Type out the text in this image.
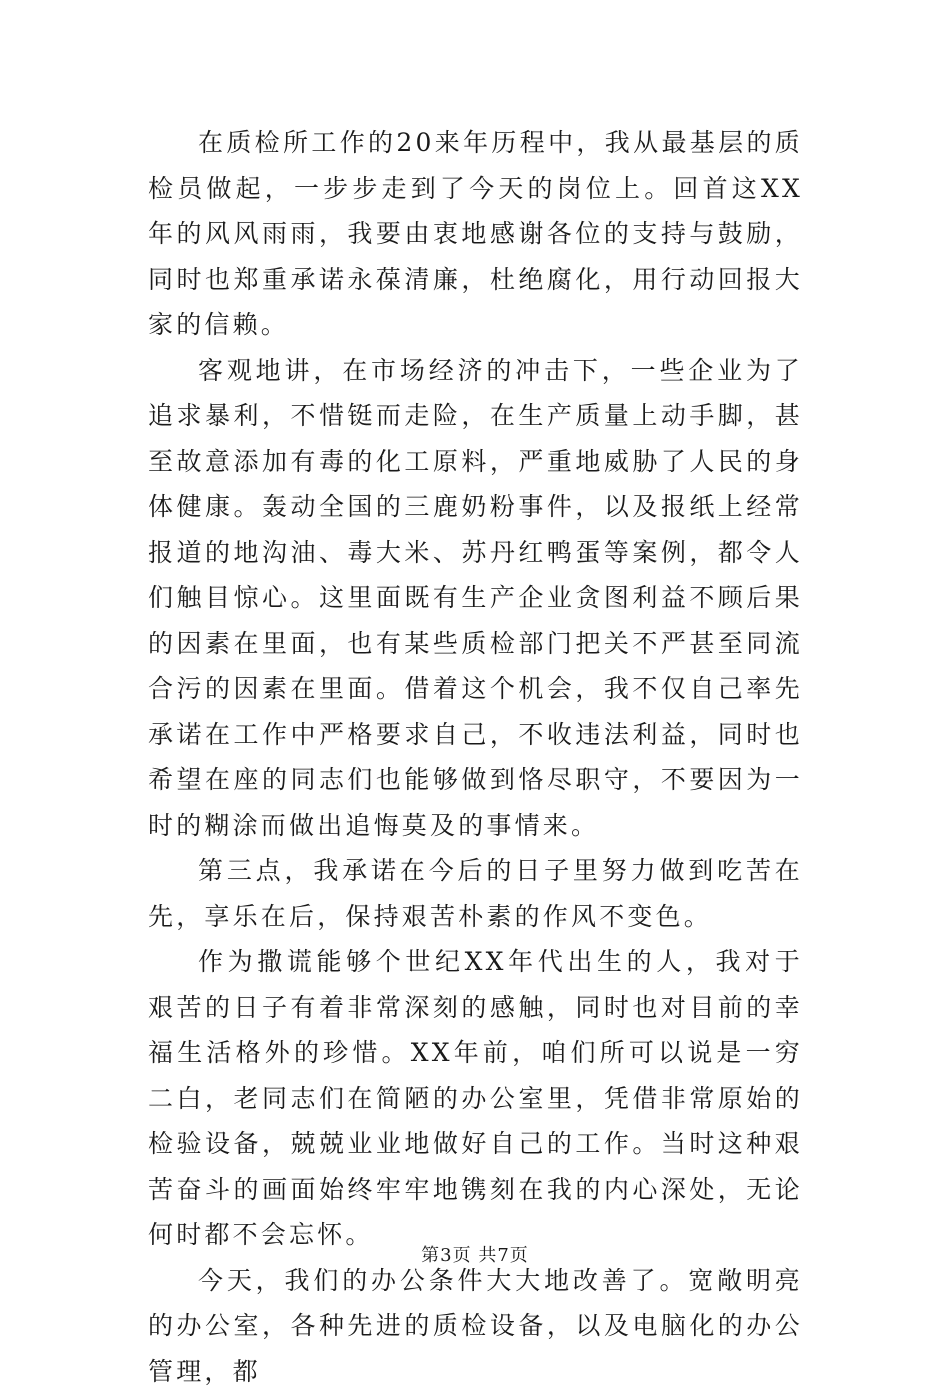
在质检所工作的20来年历程中，我从最基层的质检员做起，一步步走到了今天的岗位上。回首这XX年的风风雨雨，我要由衷地感谢各位的支持与鼓励，同时也郑重承诺永葆清廉，杜绝腐化，用行动回报大家的信赖。

客观地讲，在市场经济的冲击下，一些企业为了追求暴利，不惜铤而走险，在生产质量上动手脚，甚至故意添加有毒的化工原料，严重地威胁了人民的身体健康。轰动全国的三鹿奶粉事件，以及报纸上经常报道的地沟油、毒大米、苏丹红鸭蛋等案例，都令人们触目惊心。这里面既有生产企业贪图利益不顾后果的因素在里面，也有某些质检部门把关不严甚至同流合污的因素在里面。借着这个机会，我不仅自己率先承诺在工作中严格要求自己，不收违法利益，同时也希望在座的同志们也能够做到恪尽职守，不要因为一时的糊涂而做出追悔莫及的事情来。

第三点，我承诺在今后的日子里努力做到吃苦在先，享乐在后，保持艰苦朴素的作风不变色。

作为撒谎能够个世纪XX年代出生的人，我对于艰苦的日子有着非常深刻的感触，同时也对目前的幸福生活格外的珍惜。XX年前，咱们所可以说是一穷二白，老同志们在简陋的办公室里，凭借非常原始的检验设备，兢兢业业地做好自己的工作。当时这种艰苦奋斗的画面始终牢牢地镌刻在我的内心深处，无论何时都不会忘怀。

今天，我们的办公条件大大地改善了。宽敞明亮的办公室，各种先进的质检设备，以及电脑化的办公管理，都

第3页 共7页
